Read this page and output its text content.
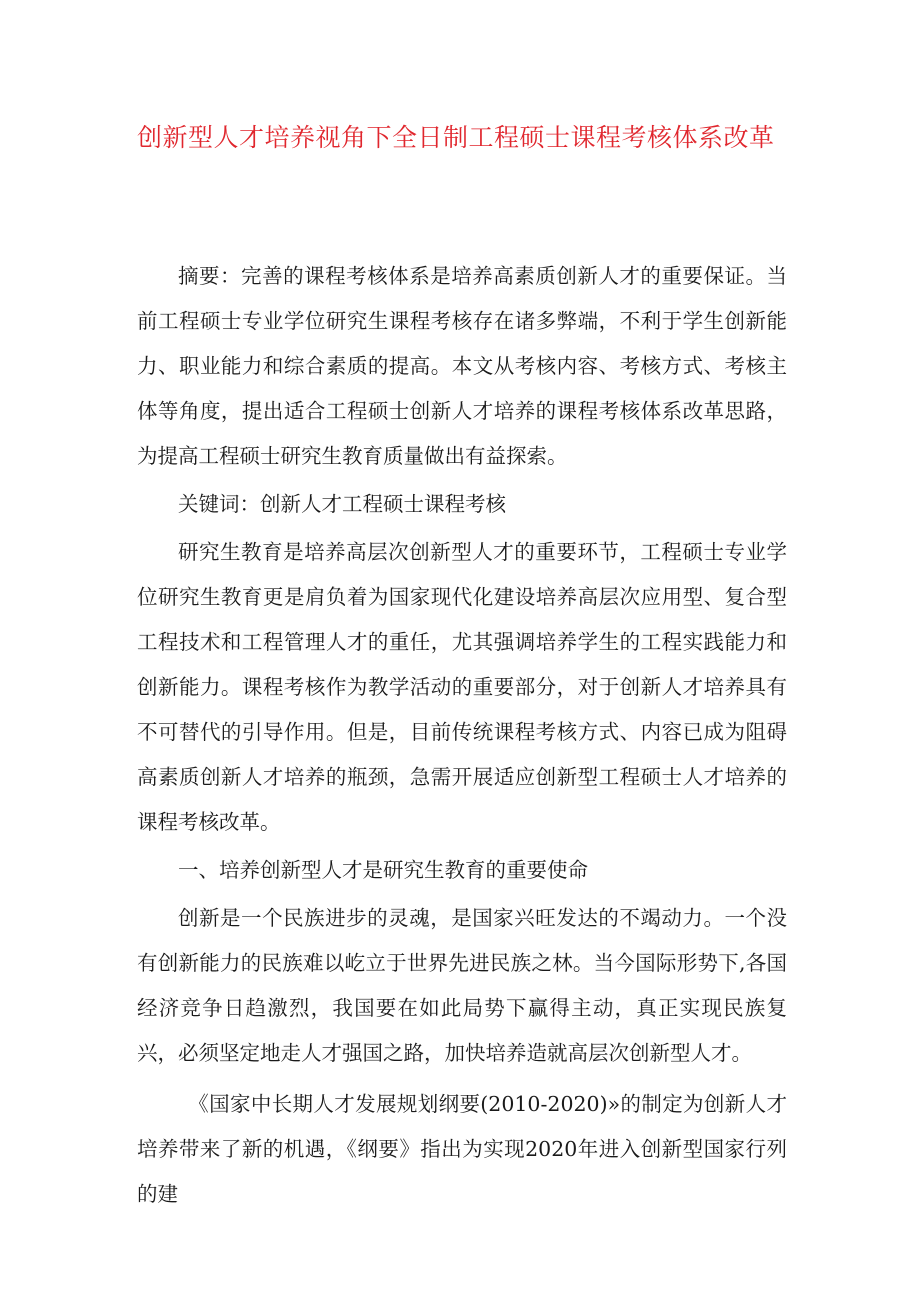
创新型人才培养视角下全日制工程硕士课程考核体系改革

摘要：完善的课程考核体系是培养高素质创新人才的重要保证。当前工程硕士专业学位研究生课程考核存在诸多弊端，不利于学生创新能力、职业能力和综合素质的提高。本文从考核内容、考核方式、考核主体等角度，提出适合工程硕士创新人才培养的课程考核体系改革思路，为提高工程硕士研究生教育质量做出有益探索。

关键词：创新人才工程硕士课程考核

研究生教育是培养高层次创新型人才的重要环节，工程硕士专业学位研究生教育更是肩负着为国家现代化建设培养高层次应用型、复合型工程技术和工程管理人才的重任，尤其强调培养学生的工程实践能力和创新能力。课程考核作为教学活动的重要部分，对于创新人才培养具有不可替代的引导作用。但是，目前传统课程考核方式、内容已成为阻碍高素质创新人才培养的瓶颈，急需开展适应创新型工程硕士人才培养的课程考核改革。

一、培养创新型人才是研究生教育的重要使命

创新是一个民族进步的灵魂，是国家兴旺发达的不竭动力。一个没有创新能力的民族难以屹立于世界先进民族之林。当今国际形势下,各国经济竞争日趋激烈，我国要在如此局势下赢得主动，真正实现民族复兴，必须坚定地走人才强国之路，加快培养造就高层次创新型人才。

《国家中长期人才发展规划纲要(2010-2020)»的制定为创新人才培养带来了新的机遇，《纲要》指出为实现2020年进入创新型国家行列的建
